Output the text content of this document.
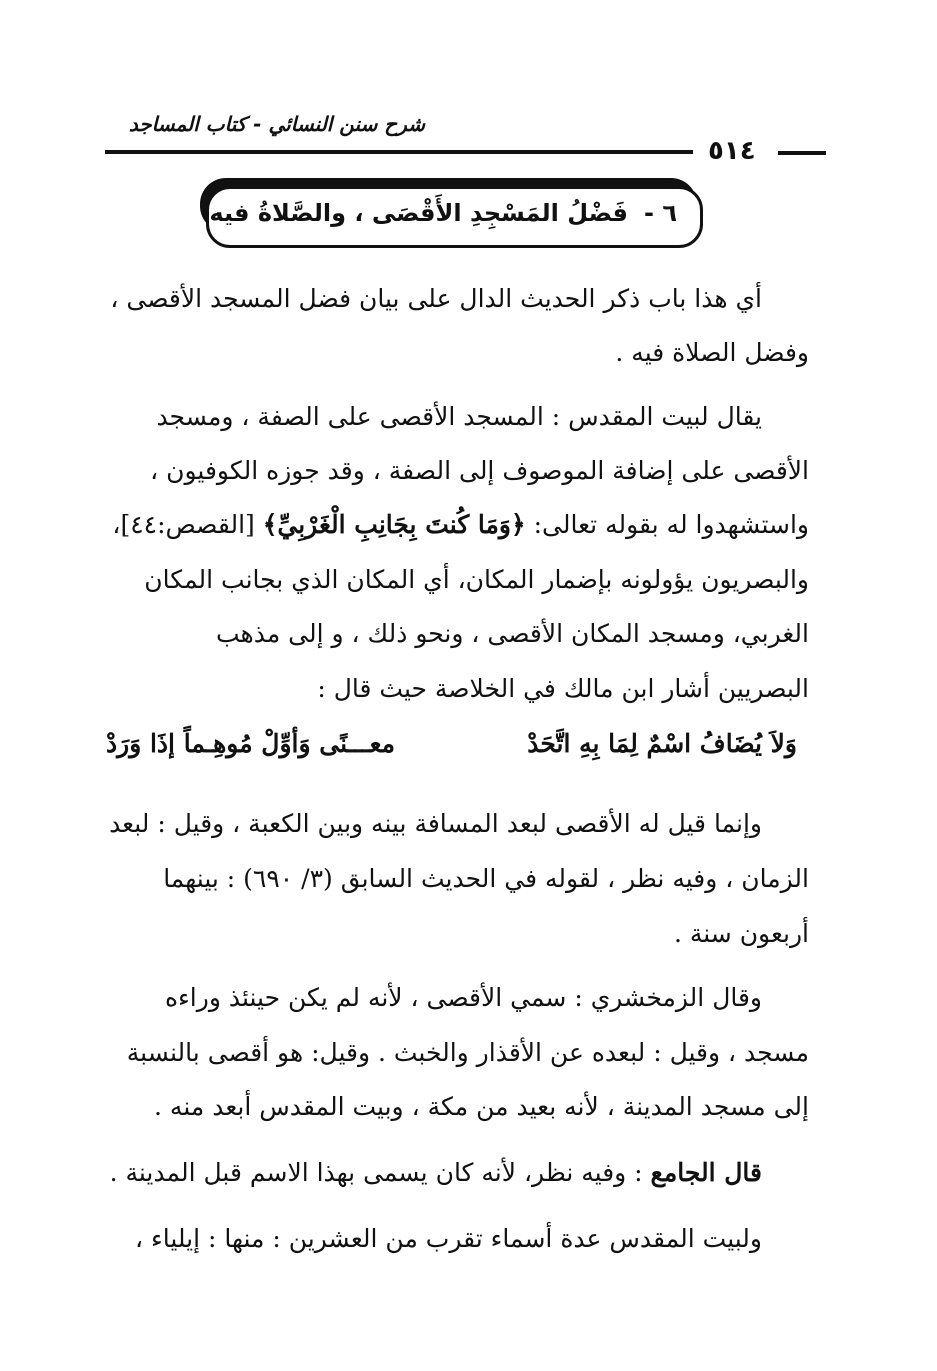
شرح سنن النسائي - كتاب المساجد
٥١٤
٦ -فَضْلُ المَسْجِدِ الأَقْصَى ، والصَّلاةُ فيه
أي هذا باب ذكر الحديث الدال على بيان فضل المسجد الأقصى ،
وفضل الصلاة فيه .
يقال لبيت المقدس : المسجد الأقصى على الصفة ، ومسجد
الأقصى على إضافة الموصوف إلى الصفة ، وقد جوزه الكوفيون ،
واستشهدوا له بقوله تعالى: ﴿وَمَا كُنتَ بِجَانِبِ الْغَرْبِيِّ﴾ [القصص:٤٤]،
والبصريون يؤولونه بإضمار المكان، أي المكان الذي بجانب المكان
الغربي، ومسجد المكان الأقصى ، ونحو ذلك ، و إلى مذهب
البصريين أشار ابن مالك في الخلاصة حيث قال :
وَلاَ يُضَافُ اسْمٌ لِمَا بِهِ اتَّحَدْ
معـــنًى وَأوِّلْ مُوهِـماً إذَا وَرَدْ
وإنما قيل له الأقصى لبعد المسافة بينه وبين الكعبة ، وقيل : لبعد
الزمان ، وفيه نظر ، لقوله في الحديث السابق (٣/ ٦٩٠) : بينهما
أربعون سنة .
وقال الزمخشري : سمي الأقصى ، لأنه لم يكن حينئذ وراءه
مسجد ، وقيل : لبعده عن الأقذار والخبث . وقيل: هو أقصى بالنسبة
إلى مسجد المدينة ، لأنه بعيد من مكة ، وبيت المقدس أبعد منه .
قال الجامع : وفيه نظر، لأنه كان يسمى بهذا الاسم قبل المدينة .
ولبيت المقدس عدة أسماء تقرب من العشرين : منها : إيلياء ،
